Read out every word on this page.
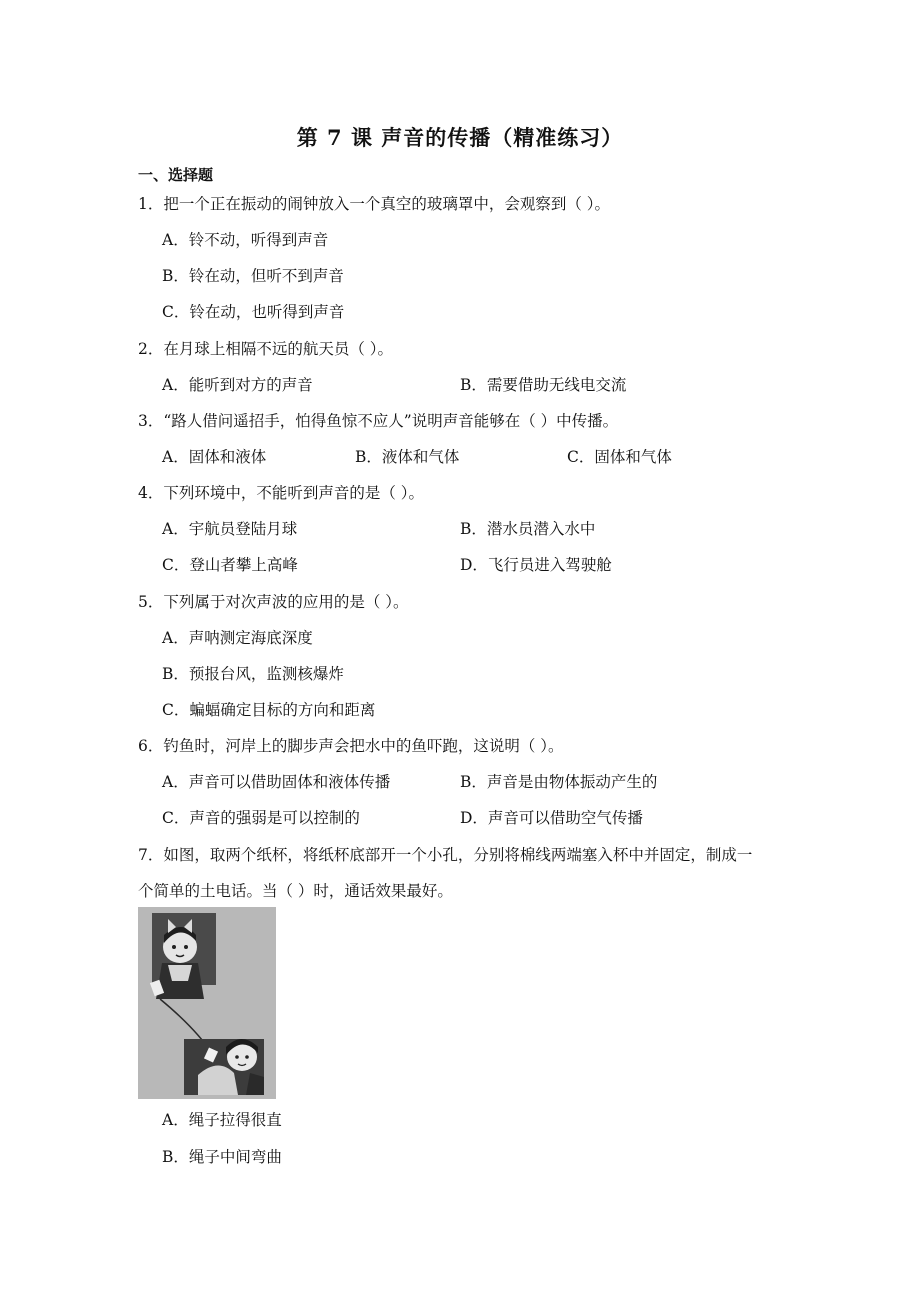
第 7 课 声音的传播（精准练习）
一、选择题
1．把一个正在振动的闹钟放入一个真空的玻璃罩中，会观察到（ ）。
A．铃不动，听得到声音
B．铃在动，但听不到声音
C．铃在动，也听得到声音
2．在月球上相隔不远的航天员（ ）。
A．能听到对方的声音	B．需要借助无线电交流
3．“路人借问遥招手，怕得鱼惊不应人”说明声音能够在（ ）中传播。
A．固体和液体	B．液体和气体	C．固体和气体
4．下列环境中，不能听到声音的是（ ）。
A．宇航员登陆月球	B．潜水员潜入水中
C．登山者攀上高峰	D．飞行员进入驾驶舱
5．下列属于对次声波的应用的是（ ）。
A．声呐测定海底深度
B．预报台风，监测核爆炸
C．蝙蝠确定目标的方向和距离
6．钓鱼时，河岸上的脚步声会把水中的鱼吓跑，这说明（ ）。
A．声音可以借助固体和液体传播	B．声音是由物体振动产生的
C．声音的强弱是可以控制的	D．声音可以借助空气传播
7．如图，取两个纸杯，将纸杯底部开一个小孔，分别将棉线两端塞入杯中并固定，制成一
个简单的土电话。当（ ）时，通话效果最好。
A．绳子拉得很直
B．绳子中间弯曲
